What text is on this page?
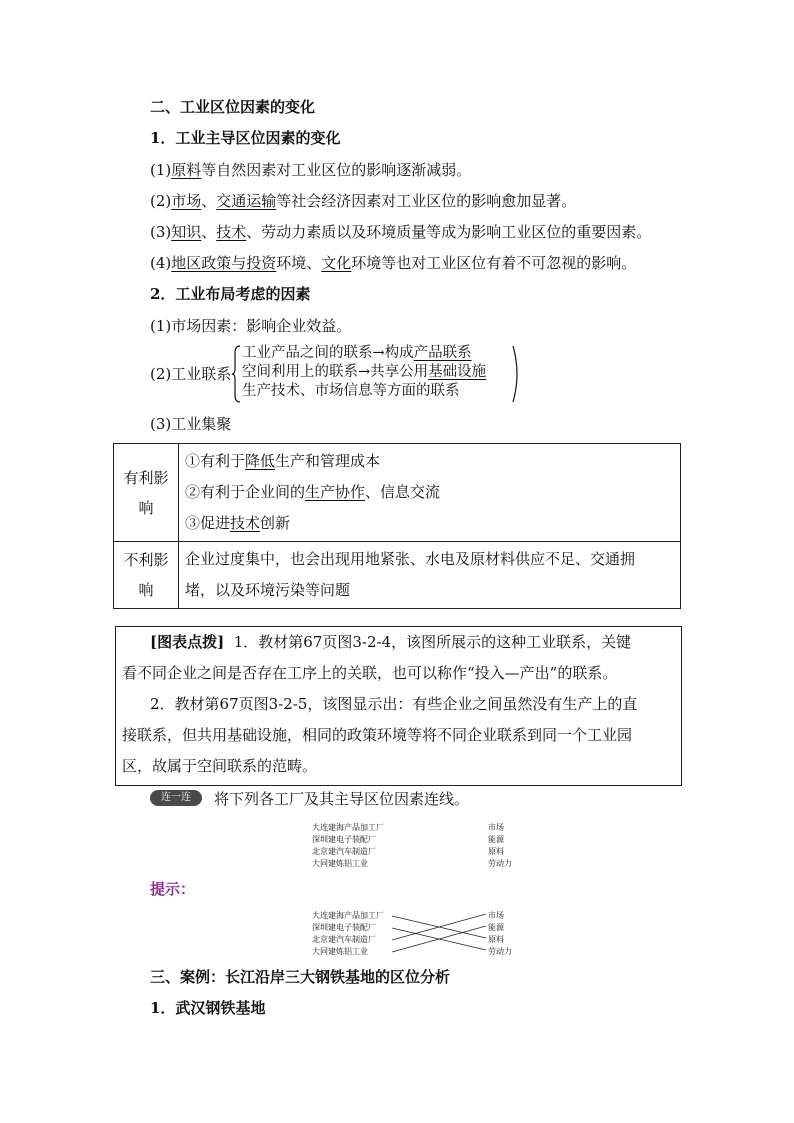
二、工业区位因素的变化
1．工业主导区位因素的变化
(1)原料等自然因素对工业区位的影响逐渐减弱。
(2)市场、交通运输等社会经济因素对工业区位的影响愈加显著。
(3)知识、技术、劳动力素质以及环境质量等成为影响工业区位的重要因素。
(4)地区政策与投资环境、文化环境等也对工业区位有着不可忽视的影响。
2．工业布局考虑的因素
(1)市场因素：影响企业效益。
(2)工业联系
工业产品之间的联系→构成产品联系
空间利用上的联系→共享公用基础设施
生产技术、市场信息等方面的联系
(3)工业集聚
有利影响	①有利于降低生产和管理成本
②有利于企业间的生产协作、信息交流
③促进技术创新

不利影响	企业过度集中，也会出现用地紧张、水电及原材料供应不足、交通拥
堵，以及环境污染等问题
[图表点拨] 1．教材第67页图3-2-4，该图所展示的这种工业联系，关键
看不同企业之间是否存在工序上的关联，也可以称作“投入—产出”的联系。
2．教材第67页图3-2-5，该图显示出：有些企业之间虽然没有生产上的直
接联系，但共用基础设施，相同的政策环境等将不同企业联系到同一个工业园
区，故属于空间联系的范畴。
连一连	将下列各工厂及其主导区位因素连线。
大连建海产品加工厂
深圳建电子装配厂
北京建汽车制造厂
大同建炼铝工业
市场
能源
原料
劳动力
提示：
大连建海产品加工厂
深圳建电子装配厂
北京建汽车制造厂
大同建炼铝工业
市场
能源
原料
劳动力
三、案例：长江沿岸三大钢铁基地的区位分析
1．武汉钢铁基地
